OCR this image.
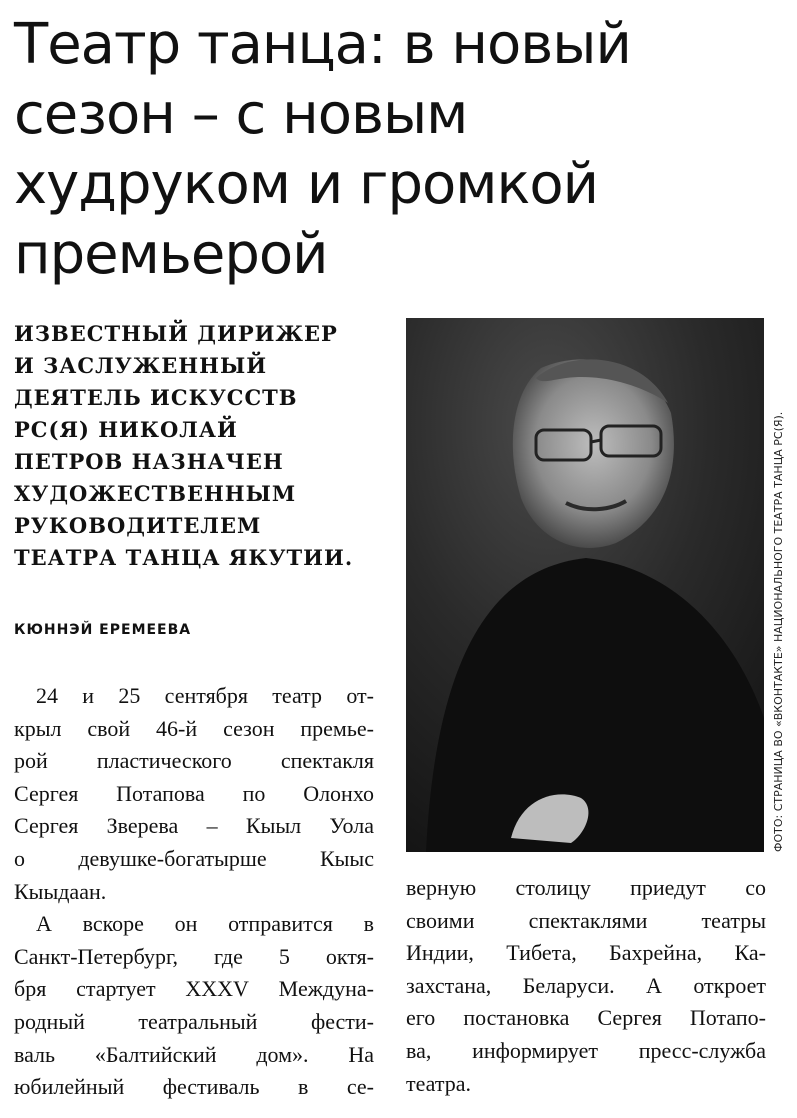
Театр танца: в новый
сезон – с новым
худруком и громкой
премьерой
ИЗВЕСТНЫЙ ДИРИЖЕР
И ЗАСЛУЖЕННЫЙ
ДЕЯТЕЛЬ ИСКУССТВ
РС(Я) НИКОЛАЙ
ПЕТРОВ НАЗНАЧЕН
ХУДОЖЕСТВЕННЫМ
РУКОВОДИТЕЛЕМ
ТЕАТРА ТАНЦА ЯКУТИИ.
КЮННЭЙ ЕРЕМЕЕВА
24 и 25 сентября театр от-
крыл свой 46-й сезон премье-
рой пластического спектакля
Сергея Потапова по Олонхо
Сергея Зверева – Кыыл Уола
о девушке-богатырше Кыыс
Кыыдаан.
А вскоре он отправится в
Санкт-Петербург, где 5 октя-
бря стартует XXXV Междуна-
родный театральный фести-
валь «Балтийский дом». На
юбилейный фестиваль в се-
ФОТО: СТРАНИЦА ВО «ВКОНТАКТЕ» НАЦИОНАЛЬНОГО ТЕАТРА ТАНЦА РС(Я).
верную столицу приедут со
своими спектаклями театры
Индии, Тибета, Бахрейна, Ка-
захстана, Беларуси. А откроет
его постановка Сергея Потапо-
ва, информирует пресс-служба
театра.
